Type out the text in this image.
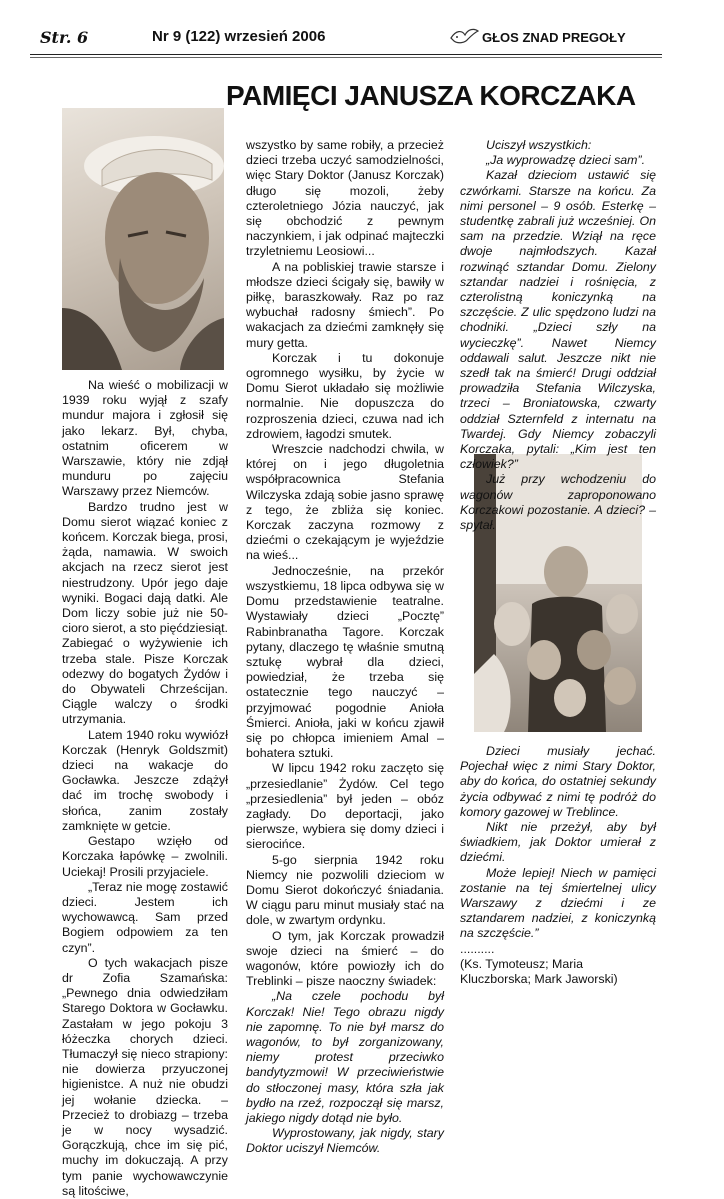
Str. 6	Nr 9 (122) wrzesień 2006	GŁOS ZNAD PREGOŁY
PAMIĘCI JANUSZA KORCZAKA

Na wieść o mobilizacji w 1939 roku wyjął z szafy mundur majora i zgłosił się jako lekarz. Był, chyba, ostatnim oficerem w Warszawie, który nie zdjął munduru po zajęciu Warszawy przez Niemców.

Bardzo trudno jest w Domu sierot wiązać koniec z końcem. Korczak biega, prosi, żąda, namawia. W swoich akcjach na rzecz sierot jest niestrudzony. Upór jego daje wyniki. Bogaci dają datki. Ale Dom liczy sobie już nie 50-cioro sierot, a sto pięćdziesiąt. Zabiegać o wyżywienie ich trzeba stale. Pisze Korczak odezwy do bogatych Żydów i do Obywateli Chrześcijan. Ciągle walczy o środki utrzymania.

Latem 1940 roku wywiózł Korczak (Henryk Goldszmit) dzieci na wakacje do Gocławka. Jeszcze zdążył dać im trochę swobody i słońca, zanim zostały zamknięte w getcie.

Gestapo wzięło od Korczaka łapówkę – zwolnili. Uciekaj! Prosili przyjaciele.

„Teraz nie mogę zostawić dzieci. Jestem ich wychowawcą. Sam przed Bogiem odpowiem za ten czyn”.

O tych wakacjach pisze dr Zofia Szamańska: „Pewnego dnia odwiedziłam Starego Doktora w Gocławku. Zastałam w jego pokoju 3 łóżeczka chorych dzieci. Tłumaczył się nieco strapiony: nie dowierza przyuczonej higienistce. A nuż nie obudzi jej wołanie dziecka. – Przecież to drobiazg – trzeba je w nocy wysadzić. Gorączkują, chce im się pić, muchy im dokuczają. A przy tym panie wychowawczynie są litościwe,

wszystko by same robiły, a przecież dzieci trzeba uczyć samodzielności, więc Stary Doktor (Janusz Korczak) długo się mozoli, żeby czteroletniego Józia nauczyć, jak się obchodzić z pewnym naczynkiem, i jak odpinać majteczki trzyletniemu Leosiowi...

A na pobliskiej trawie starsze i młodsze dzieci ścigały się, bawiły w piłkę, baraszkowały. Raz po raz wybuchał radosny śmiech”. Po wakacjach za dziećmi zamknęły się mury getta.

Korczak i tu dokonuje ogromnego wysiłku, by życie w Domu Sierot układało się możliwie normalnie. Nie dopuszcza do rozproszenia dzieci, czuwa nad ich zdrowiem, łagodzi smutek.

Wreszcie nadchodzi chwila, w której on i jego długoletnia współpracownica Stefania Wilczyska zdają sobie jasno sprawę z tego, że zbliża się koniec. Korczak zaczyna rozmowy z dziećmi o czekającym je wyjeździe na wieś...

Jednocześnie, na przekór wszystkiemu, 18 lipca odbywa się w Domu przedstawienie teatralne. Wystawiały dzieci „Pocztę” Rabinbranatha Tagore. Korczak pytany, dlaczego tę właśnie smutną sztukę wybrał dla dzieci, powiedział, że trzeba się ostatecznie tego nauczyć – przyjmować pogodnie Anioła Śmierci. Anioła, jaki w końcu zjawił się po chłopca imieniem Amal – bohatera sztuki.

W lipcu 1942 roku zaczęto się „przesiedlanie” Żydów. Cel tego „przesiedlenia” był jeden – obóz zagłady. Do deportacji, jako pierwsze, wybiera się domy dzieci i sierocińce.

5-go sierpnia 1942 roku Niemcy nie pozwolili dzieciom w Domu Sierot dokończyć śniadania. W ciągu paru minut musiały stać na dole, w zwartym ordynku.

O tym, jak Korczak prowadził swoje dzieci na śmierć – do wagonów, które powiozły ich do Treblinki – pisze naoczny świadek:

„Na czele pochodu był Korczak! Nie! Tego obrazu nigdy nie zapomnę. To nie był marsz do wagonów, to był zorganizowany, niemy protest przeciwko bandytyzmowi! W przeciwieństwie do stłoczonej masy, która szła jak bydło na rzeź, rozpoczął się marsz, jakiego nigdy dotąd nie było.

Wyprostowany, jak nigdy, stary Doktor uciszył Niemców.

Uciszył wszystkich:

„Ja wyprowadzę dzieci sam”.

Kazał dzieciom ustawić się czwórkami. Starsze na końcu. Za nimi personel – 9 osób. Esterkę – studentkę zabrali już wcześniej. On sam na przedzie. Wziął na ręce dwoje najmłodszych. Kazał rozwinąć sztandar Domu. Zielony sztandar nadziei i rośnięcia, z czterolistną koniczynką na szczęście. Z ulic spędzono ludzi na chodniki. „Dzieci szły na wycieczkę”. Nawet Niemcy oddawali salut. Jeszcze nikt nie szedł tak na śmierć! Drugi oddział prowadziła Stefania Wilczyska, trzeci – Broniatowska, czwarty oddział Szternfeld z internatu na Twardej. Gdy Niemcy zobaczyli Korczaka, pytali: „Kim jest ten człowiek?”

Już przy wchodzeniu do wagonów zaproponowano Korczakowi pozostanie. A dzieci? – spytał.

Dzieci musiały jechać. Pojechał więc z nimi Stary Doktor, aby do końca, do ostatniej sekundy życia odbywać z nimi tę podróż do komory gazowej w Treblince.

Nikt nie przeżył, aby był świadkiem, jak Doktor umierał z dziećmi.

Może lepiej! Niech w pamięci zostanie na tej śmiertelnej ulicy Warszawy z dziećmi i ze sztandarem nadziei, z koniczynką na szczęście.”

..........

(Ks. Tymoteusz; Maria Kluczborska; Mark Jaworski)
